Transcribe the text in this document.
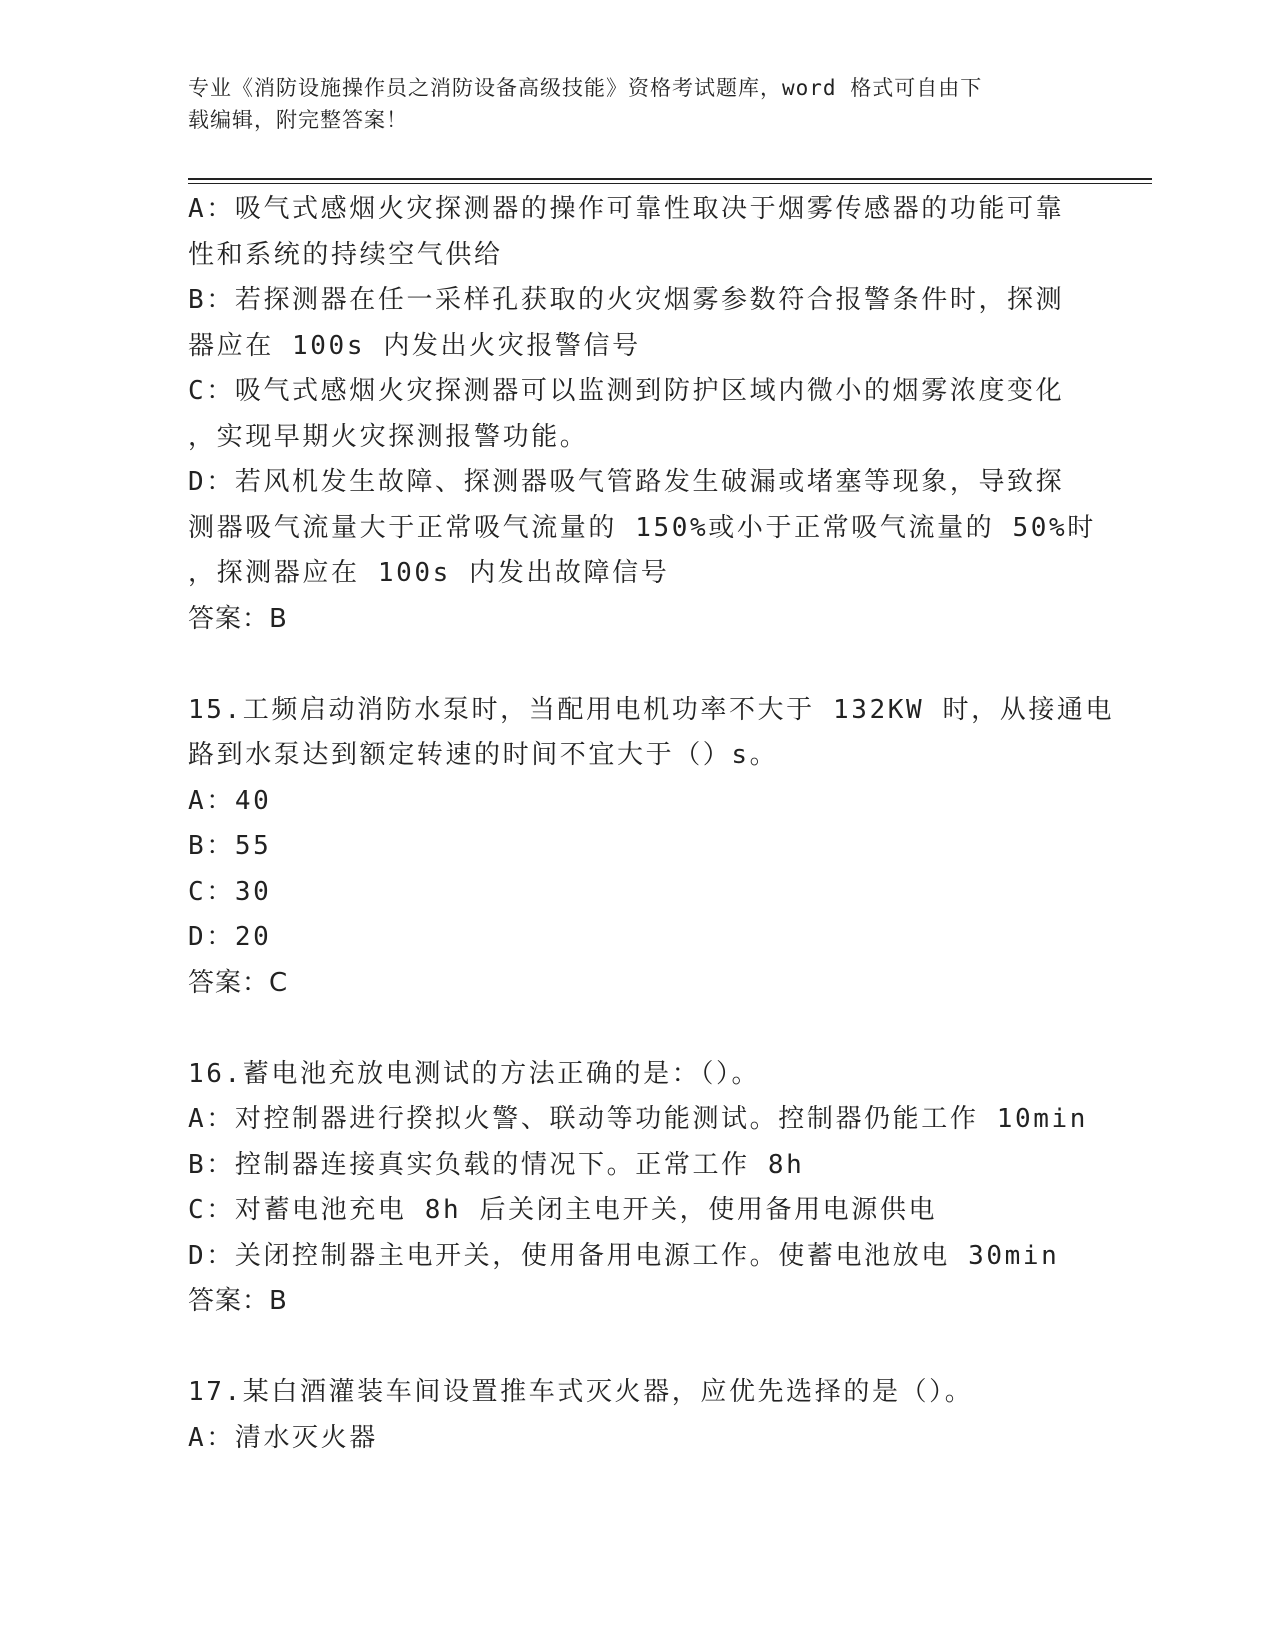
专业《消防设施操作员之消防设备高级技能》资格考试题库，word 格式可自由下
载编辑，附完整答案！
A：吸气式感烟火灾探测器的操作可靠性取决于烟雾传感器的功能可靠
性和系统的持续空气供给
B：若探测器在任一采样孔获取的火灾烟雾参数符合报警条件时，探测
器应在 100s 内发出火灾报警信号
C：吸气式感烟火灾探测器可以监测到防护区域内微小的烟雾浓度变化
，实现早期火灾探测报警功能。
D：若风机发生故障、探测器吸气管路发生破漏或堵塞等现象，导致探
测器吸气流量大于正常吸气流量的 150%或小于正常吸气流量的 50%时
，探测器应在 100s 内发出故障信号
答案：B
15.工频启动消防水泵时，当配用电机功率不大于 132KW 时，从接通电
路到水泵达到额定转速的时间不宜大于（）s。
A：40
B：55
C：30
D：20
答案：C
16.蓄电池充放电测试的方法正确的是：（）。
A：对控制器进行揆拟火警、联动等功能测试。控制器仍能工作 10min
B：控制器连接真实负载的情况下。正常工作 8h
C：对蓄电池充电 8h 后关闭主电开关，使用备用电源供电
D：关闭控制器主电开关，使用备用电源工作。使蓄电池放电 30min
答案：B
17.某白酒灌装车间设置推车式灭火器，应优先选择的是（）。
A：清水灭火器
